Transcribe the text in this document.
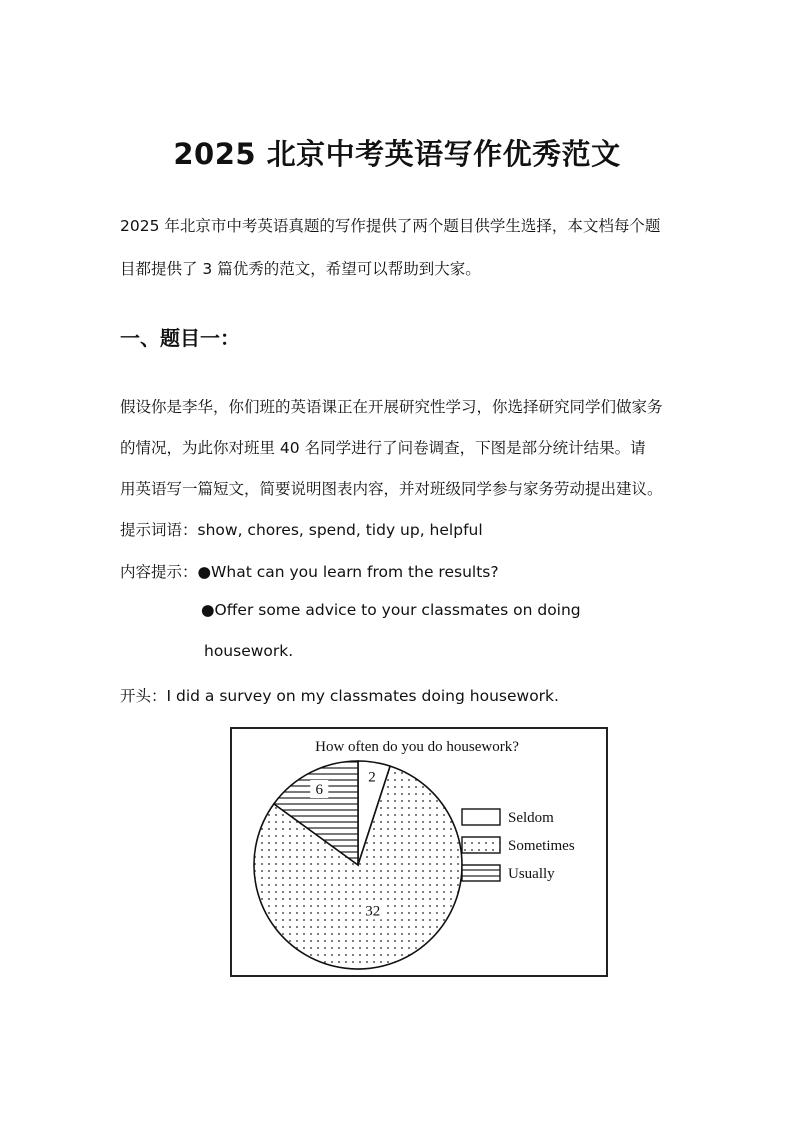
2025 北京中考英语写作优秀范文
2025 年北京市中考英语真题的写作提供了两个题目供学生选择，本文档每个题
目都提供了 3 篇优秀的范文，希望可以帮助到大家。
一、题目一：
假设你是李华，你们班的英语课正在开展研究性学习，你选择研究同学们做家务
的情况，为此你对班里 40 名同学进行了问卷调查，下图是部分统计结果。请
用英语写一篇短文，简要说明图表内容，并对班级同学参与家务劳动提出建议。
提示词语：show, chores, spend, tidy up, helpful
内容提示：●What can you learn from the results?
●Offer some advice to your classmates on doing
housework.
开头：I did a survey on my classmates doing housework.
How often do you do housework?
2
32
6
Seldom
Sometimes
Usually
